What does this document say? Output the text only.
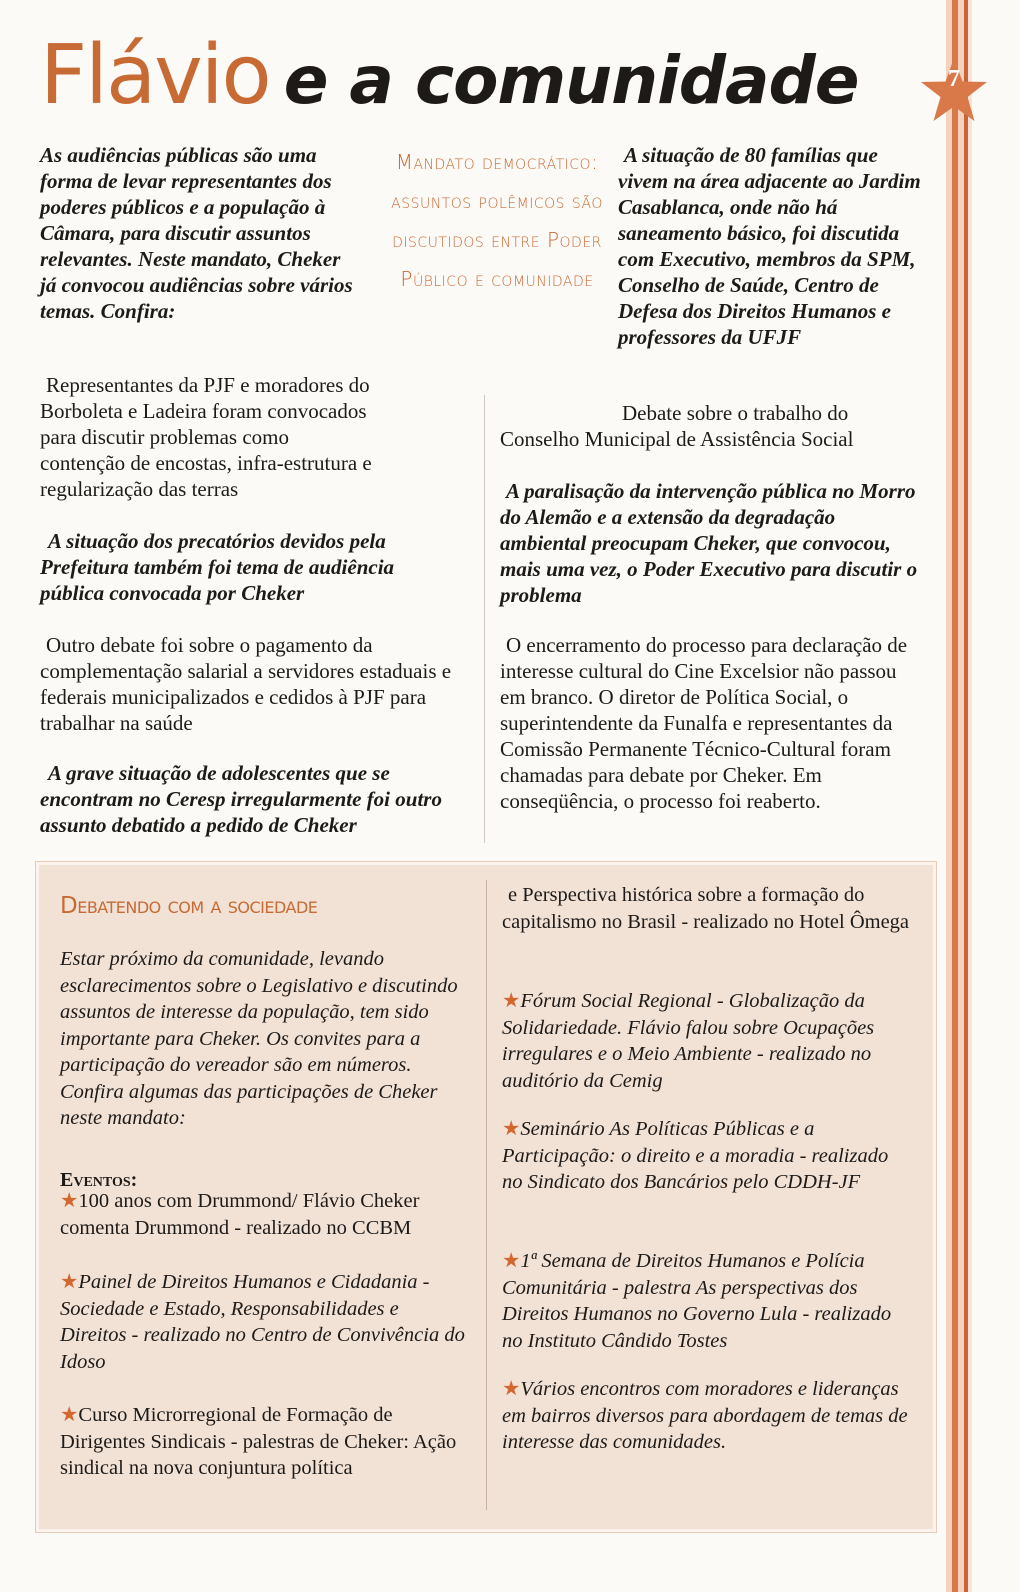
7
Flávio e a comunidade

Mandato democrático: assuntos polêmicos são discutidos entre Poder Público e comunidade

As audiências públicas são uma forma de levar representantes dos poderes públicos e a população à Câmara, para discutir assuntos relevantes. Neste mandato, Cheker já convocou audiências sobre vários temas. Confira:

Representantes da PJF e moradores do Borboleta e Ladeira foram convocados para discutir problemas como contenção de encostas, infra-estrutura e regularização das terras

A situação dos precatórios devidos pela Prefeitura também foi tema de audiência pública convocada por Cheker

Outro debate foi sobre o pagamento da complementação salarial a servidores estaduais e federais municipalizados e cedidos à PJF para trabalhar na saúde

A grave situação de adolescentes que se encontram no Ceresp irregularmente foi outro assunto debatido a pedido de Cheker

A situação de 80 famílias que vivem na área adjacente ao Jardim Casablanca, onde não há saneamento básico, foi discutida com Executivo, membros da SPM, Conselho de Saúde, Centro de Defesa dos Direitos Humanos e professores da UFJF

Debate sobre o trabalho do Conselho Municipal de Assistência Social

A paralisação da intervenção pública no Morro do Alemão e a extensão da degradação ambiental preocupam Cheker, que convocou, mais uma vez, o Poder Executivo para discutir o problema

O encerramento do processo para declaração de interesse cultural do Cine Excelsior não passou em branco. O diretor de Política Social, o superintendente da Funalfa e representantes da Comissão Permanente Técnico-Cultural foram chamadas para debate por Cheker. Em conseqüência, o processo foi reaberto.

Debatendo com a sociedade

Estar próximo da comunidade, levando esclarecimentos sobre o Legislativo e discutindo assuntos de interesse da população, tem sido importante para Cheker. Os convites para a participação do vereador são em números. Confira algumas das participações de Cheker neste mandato:

Eventos:

★100 anos com Drummond/ Flávio Cheker comenta Drummond - realizado no CCBM

★Painel de Direitos Humanos e Cidadania - Sociedade e Estado, Responsabilidades e Direitos - realizado no Centro de Convivência do Idoso

★Curso Microrregional de Formação de Dirigentes Sindicais - palestras de Cheker: Ação sindical na nova conjuntura política

e Perspectiva histórica sobre a formação do capitalismo no Brasil - realizado no Hotel Ômega

★Fórum Social Regional - Globalização da Solidariedade. Flávio falou sobre Ocupações irregulares e o Meio Ambiente - realizado no auditório da Cemig

★Seminário As Políticas Públicas e a Participação: o direito e a moradia - realizado no Sindicato dos Bancários pelo CDDH-JF

★1ª Semana de Direitos Humanos e Polícia Comunitária - palestra As perspectivas dos Direitos Humanos no Governo Lula - realizado no Instituto Cândido Tostes

★Vários encontros com moradores e lideranças em bairros diversos para abordagem de temas de interesse das comunidades.
